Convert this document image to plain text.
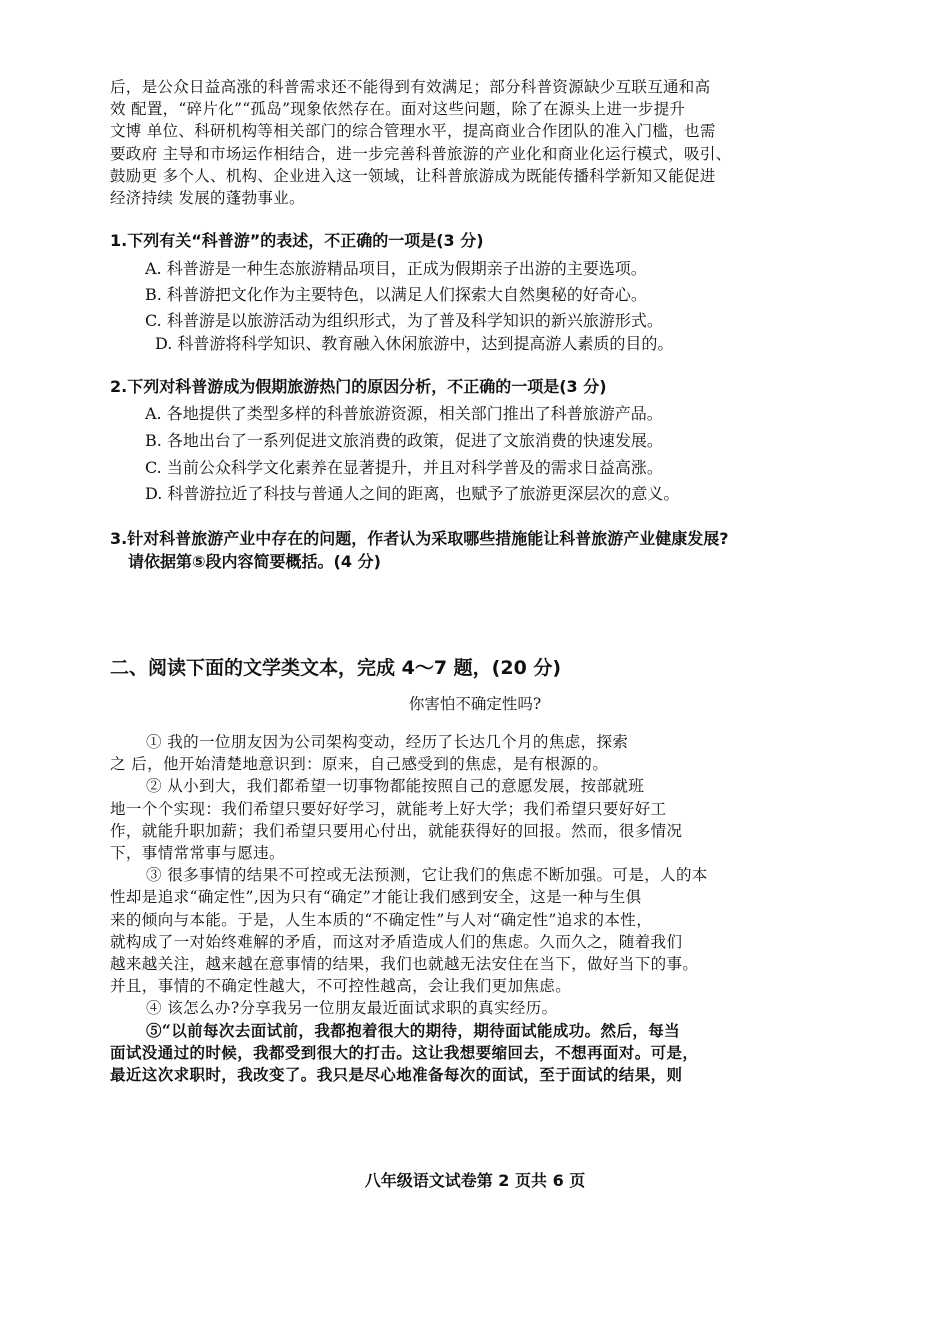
后，是公众日益高涨的科普需求还不能得到有效满足；部分科普资源缺少互联互通和高
效 配置，“碎片化”“孤岛”现象依然存在。面对这些问题，除了在源头上进一步提升
文博 单位、科研机构等相关部门的综合管理水平，提高商业合作团队的准入门槛，也需
要政府 主导和市场运作相结合，进一步完善科普旅游的产业化和商业化运行模式，吸引、
鼓励更 多个人、机构、企业进入这一领域，让科普旅游成为既能传播科学新知又能促进
经济持续 发展的蓬勃事业。
1.下列有关“科普游”的表述，不正确的一项是(3 分)
A. 科普游是一种生态旅游精品项目，正成为假期亲子出游的主要选项。
B. 科普游把文化作为主要特色，以满足人们探索大自然奥秘的好奇心。
C. 科普游是以旅游活动为组织形式，为了普及科学知识的新兴旅游形式。
D. 科普游将科学知识、教育融入休闲旅游中，达到提高游人素质的目的。
2.下列对科普游成为假期旅游热门的原因分析，不正确的一项是(3 分)
A. 各地提供了类型多样的科普旅游资源，相关部门推出了科普旅游产品。
B. 各地出台了一系列促进文旅消费的政策，促进了文旅消费的快速发展。
C. 当前公众科学文化素养在显著提升，并且对科学普及的需求日益高涨。
D. 科普游拉近了科技与普通人之间的距离，也赋予了旅游更深层次的意义。
3.针对科普旅游产业中存在的问题，作者认为采取哪些措施能让科普旅游产业健康发展?
请依据第⑤段内容简要概括。(4 分)
二、阅读下面的文学类文本，完成 4～7 题，(20 分)
你害怕不确定性吗?
① 我的一位朋友因为公司架构变动，经历了长达几个月的焦虑，探索
之 后，他开始清楚地意识到：原来，自己感受到的焦虑，是有根源的。
② 从小到大，我们都希望一切事物都能按照自己的意愿发展，按部就班
地一个个实现：我们希望只要好好学习，就能考上好大学；我们希望只要好好工
作，就能升职加薪；我们希望只要用心付出，就能获得好的回报。然而，很多情况
下，事情常常事与愿违。
③ 很多事情的结果不可控或无法预测，它让我们的焦虑不断加强。可是，人的本
性却是追求“确定性”,因为只有“确定”才能让我们感到安全，这是一种与生俱
来的倾向与本能。于是，人生本质的“不确定性”与人对“确定性”追求的本性，
就构成了一对始终难解的矛盾，而这对矛盾造成人们的焦虑。久而久之，随着我们
越来越关注，越来越在意事情的结果，我们也就越无法安住在当下，做好当下的事。
并且，事情的不确定性越大，不可控性越高，会让我们更加焦虑。
④ 该怎么办?分享我另一位朋友最近面试求职的真实经历。
⑤“以前每次去面试前，我都抱着很大的期待，期待面试能成功。然后，每当
面试没通过的时候，我都受到很大的打击。这让我想要缩回去，不想再面对。可是，
最近这次求职时，我改变了。我只是尽心地准备每次的面试，至于面试的结果，则
八年级语文试卷第 2 页共 6 页
